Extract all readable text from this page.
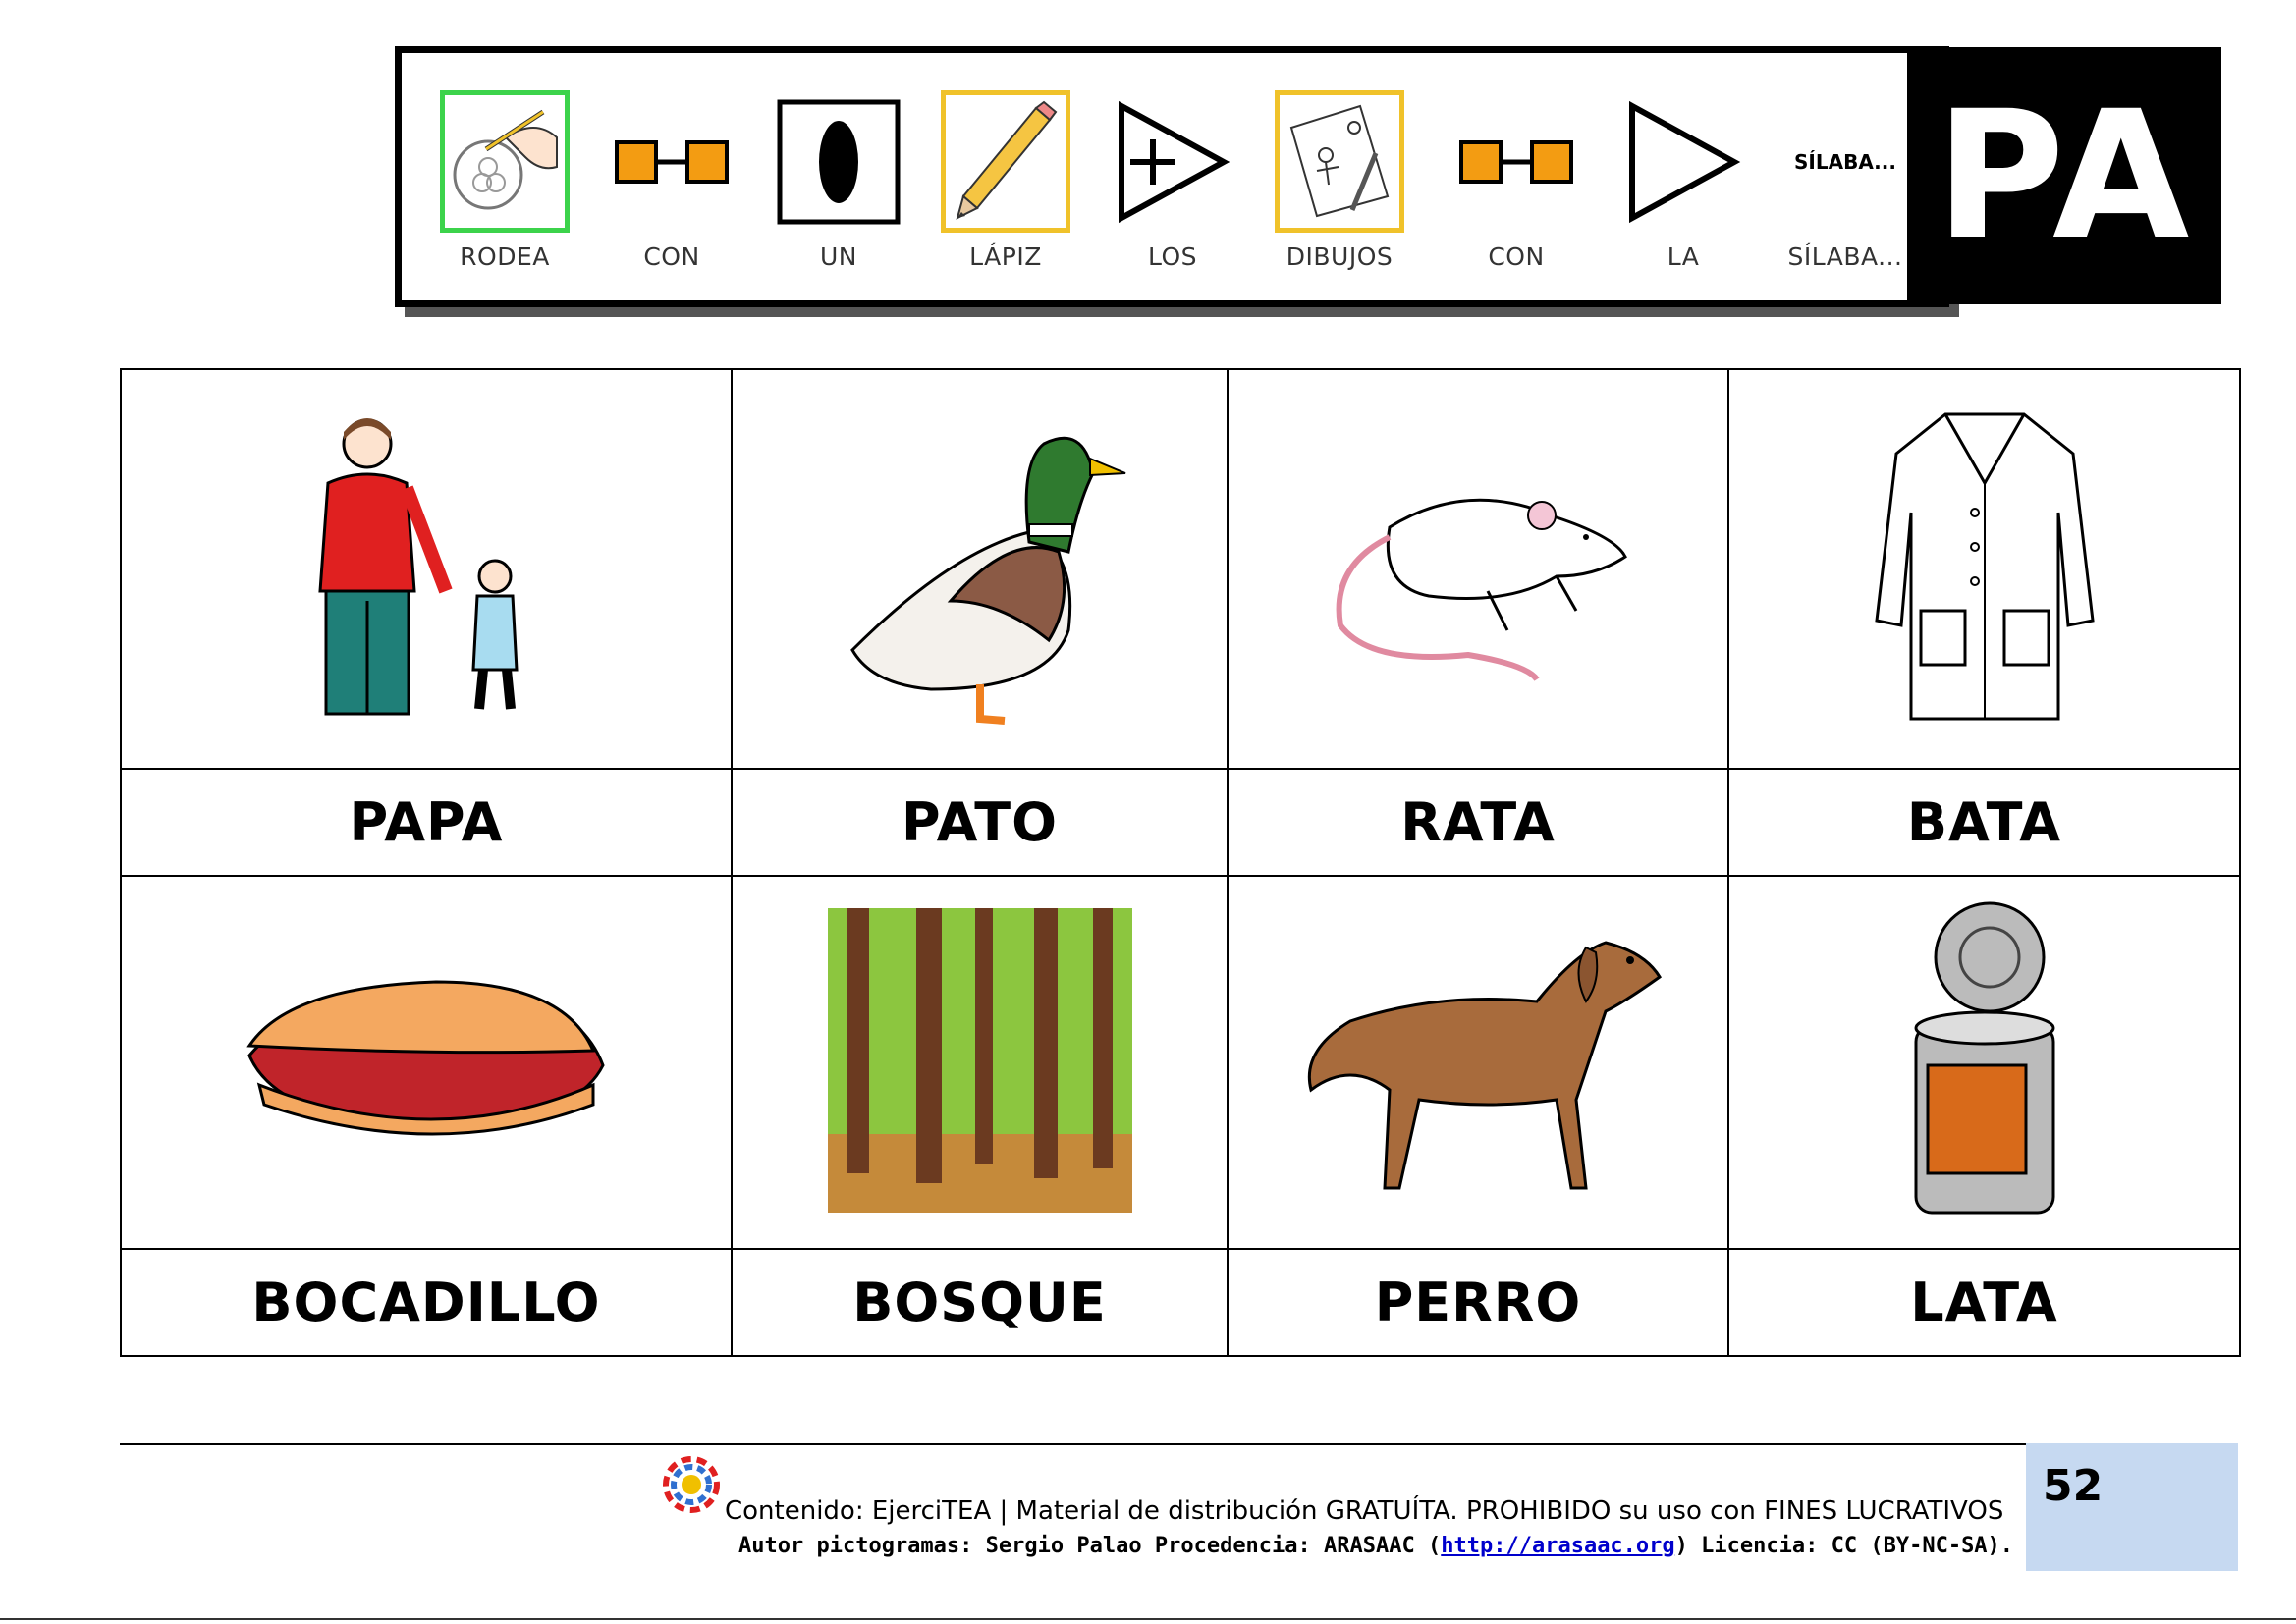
RODEA	CON	UN	LÁPIZ	LOS	DIBUJOS	CON	LA
SÍLABA...
SÍLABA... PA

PAPA	PATO	RATA	BATA

BOCADILLO	BOSQUE	PERRO	LATA
52
Contenido: EjerciTEA | Material de distribución GRATUÍTA. PROHIBIDO su uso con FINES LUCRATIVOS
Autor pictogramas: Sergio Palao Procedencia: ARASAAC (http://arasaac.org) Licencia: CC (BY-NC-SA).
